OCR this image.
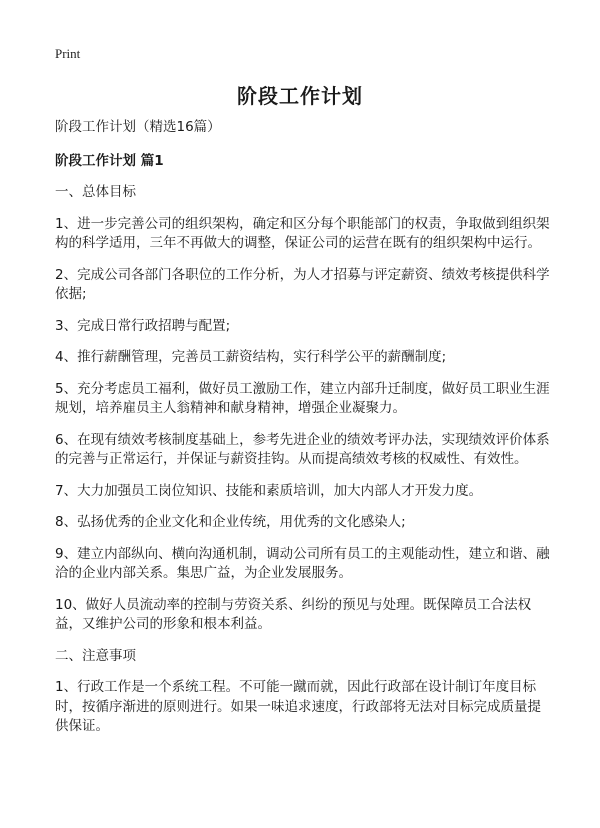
Print
阶段工作计划

阶段工作计划（精选16篇）

阶段工作计划 篇1

一、总体目标

1、进一步完善公司的组织架构，确定和区分每个职能部门的权责，争取做到组织架构的科学适用，三年不再做大的调整，保证公司的运营在既有的组织架构中运行。

2、完成公司各部门各职位的工作分析，为人才招募与评定薪资、绩效考核提供科学依据;

3、完成日常行政招聘与配置;

4、推行薪酬管理，完善员工薪资结构，实行科学公平的薪酬制度;

5、充分考虑员工福利，做好员工激励工作，建立内部升迁制度，做好员工职业生涯规划，培养雇员主人翁精神和献身精神，增强企业凝聚力。

6、在现有绩效考核制度基础上，参考先进企业的绩效考评办法，实现绩效评价体系的完善与正常运行，并保证与薪资挂钩。从而提高绩效考核的权威性、有效性。

7、大力加强员工岗位知识、技能和素质培训，加大内部人才开发力度。

8、弘扬优秀的企业文化和企业传统，用优秀的文化感染人;

9、建立内部纵向、横向沟通机制，调动公司所有员工的主观能动性，建立和谐、融洽的企业内部关系。集思广益，为企业发展服务。

10、做好人员流动率的控制与劳资关系、纠纷的预见与处理。既保障员工合法权益，又维护公司的形象和根本利益。

二、注意事项

1、行政工作是一个系统工程。不可能一蹴而就，因此行政部在设计制订年度目标时，按循序渐进的原则进行。如果一味追求速度，行政部将无法对目标完成质量提供保证。
